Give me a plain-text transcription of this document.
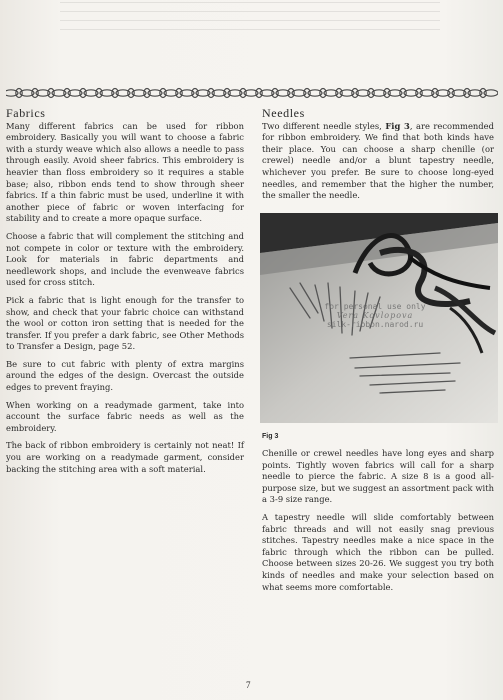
Fabrics

Many different fabrics can be used for ribbon embroidery. Basically you will want to choose a fabric with a sturdy weave which also allows a needle to pass through easily. Avoid sheer fabrics. This embroidery is heavier than floss embroidery so it requires a stable base; also, ribbon ends tend to show through sheer fabrics. If a thin fabric must be used, underline it with another piece of fabric or woven interfacing for stability and to create a more opaque surface.

Choose a fabric that will complement the stitching and not compete in color or texture with the embroidery. Look for materials in fabric departments and needlework shops, and include the evenweave fabrics used for cross stitch.

Pick a fabric that is light enough for the transfer to show, and check that your fabric choice can withstand the wool or cotton iron setting that is needed for the transfer. If you prefer a dark fabric, see Other Methods to Transfer a Design, page 52.

Be sure to cut fabric with plenty of extra margins around the edges of the design. Overcast the outside edges to prevent fraying.

When working on a readymade garment, take into account the surface fabric needs as well as the embroidery.

The back of ribbon embroidery is certainly not neat! If you are working on a readymade garment, consider backing the stitching area with a soft material.

Needles

Two different needle styles, Fig 3, are recommended for ribbon embroidery. We find that both kinds have their place. You can choose a sharp chenille (or crewel) needle and/or a blunt tapestry needle, whichever you prefer. Be sure to choose long-eyed needles, and remember that the higher the number, the smaller the needle.

Fig 3

Chenille or crewel needles have long eyes and sharp points. Tightly woven fabrics will call for a sharp needle to pierce the fabric. A size 8 is a good all-purpose size, but we suggest an assortment pack with a 3-9 size range.

A tapestry needle will slide comfortably between fabric threads and will not easily snag previous stitches. Tapestry needles make a nice space in the fabric through which the ribbon can be pulled. Choose between sizes 20-26. We suggest you try both kinds of needles and make your selection based on what seems more comfortable.

for personal use only
Vera Kovlopova
silk-ribbon.narod.ru
7
